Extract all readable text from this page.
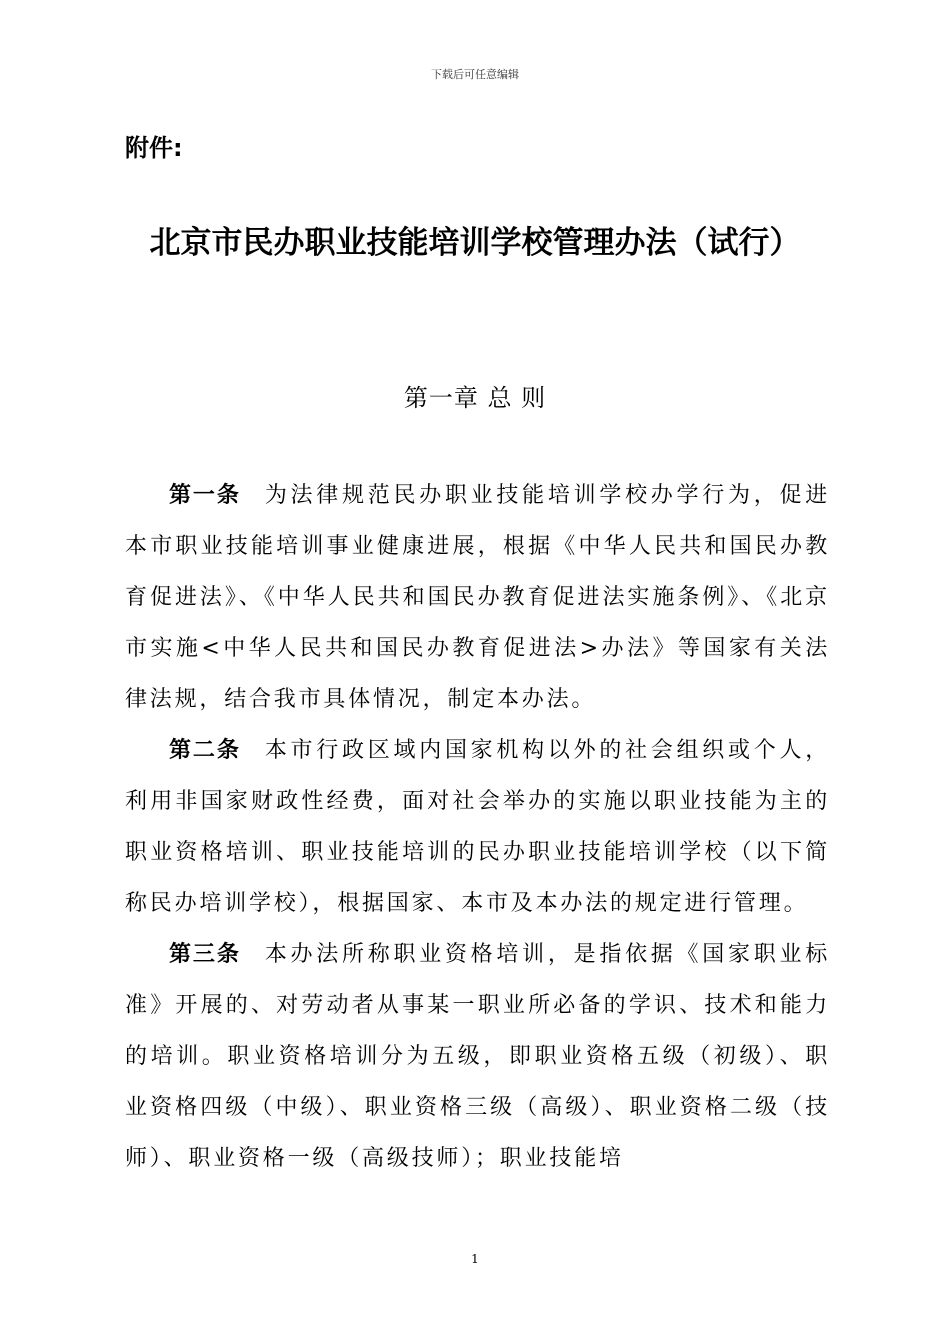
下载后可任意编辑
附件:
北京市民办职业技能培训学校管理办法（试行）
第一章 总 则

第一条 为法律规范民办职业技能培训学校办学行为，促进本市职业技能培训事业健康进展，根据《中华人民共和国民办教育促进法》、《中华人民共和国民办教育促进法实施条例》、《北京市实施<中华人民共和国民办教育促进法>办法》等国家有关法律法规，结合我市具体情况，制定本办法。

第二条 本市行政区域内国家机构以外的社会组织或个人，利用非国家财政性经费，面对社会举办的实施以职业技能为主的职业资格培训、职业技能培训的民办职业技能培训学校（以下简称民办培训学校），根据国家、本市及本办法的规定进行管理。

第三条 本办法所称职业资格培训，是指依据《国家职业标准》开展的、对劳动者从事某一职业所必备的学识、技术和能力的培训。职业资格培训分为五级，即职业资格五级（初级）、职业资格四级（中级）、职业资格三级（高级）、职业资格二级（技师）、职业资格一级（高级技师）；职业技能培

1
